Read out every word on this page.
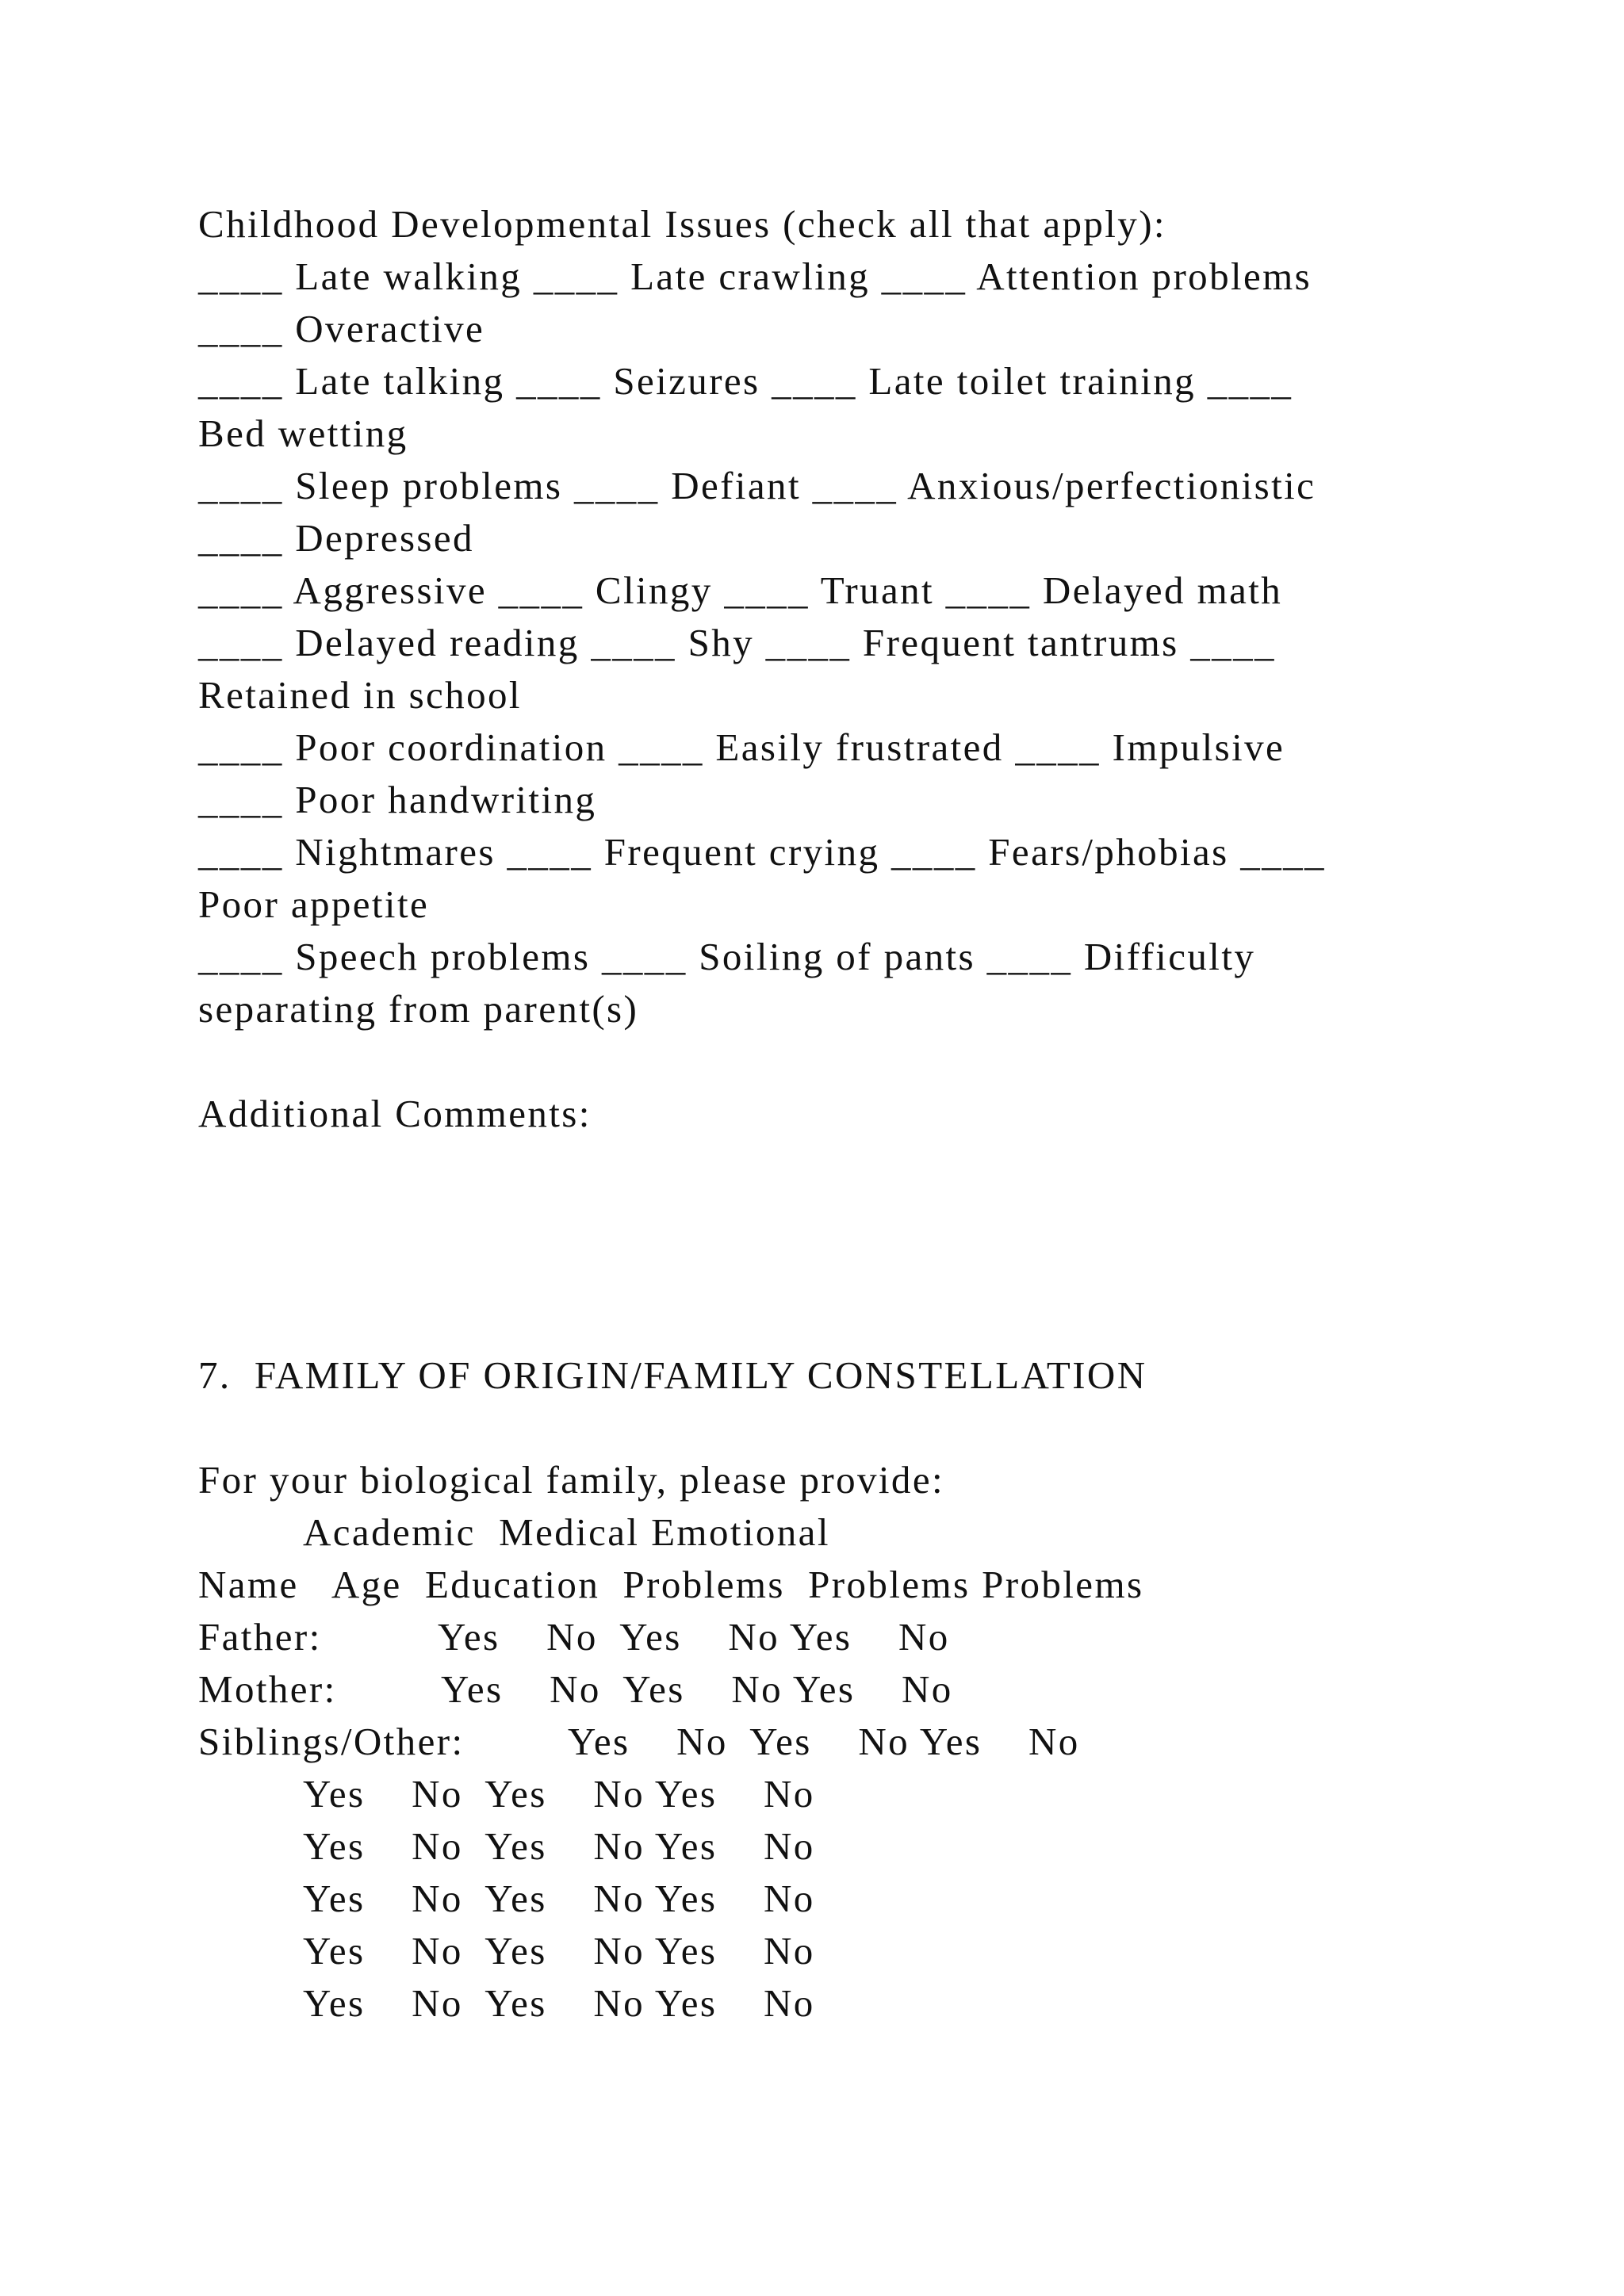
Childhood Developmental Issues (check all that apply):
____ Late walking ____ Late crawling ____ Attention problems
____ Overactive
____ Late talking ____ Seizures ____ Late toilet training ____
Bed wetting
____ Sleep problems ____ Defiant ____ Anxious/perfectionistic
____ Depressed
____ Aggressive ____ Clingy ____ Truant ____ Delayed math
____ Delayed reading ____ Shy ____ Frequent tantrums ____
Retained in school
____ Poor coordination ____ Easily frustrated ____ Impulsive
____ Poor handwriting
____ Nightmares ____ Frequent crying ____ Fears/phobias ____
Poor appetite
____ Speech problems ____ Soiling of pants ____ Difficulty
separating from parent(s)
Additional Comments:
7.  FAMILY OF ORIGIN/FAMILY CONSTELLATION
For your biological family, please provide:
Academic  Medical Emotional
Name   Age  Education  Problems  Problems Problems
Father:	Yes    No  Yes    No Yes    No
Mother:	Yes    No  Yes    No Yes    No
Siblings/Other:	Yes    No  Yes    No Yes    No
Yes    No  Yes    No Yes    No
Yes    No  Yes    No Yes    No
Yes    No  Yes    No Yes    No
Yes    No  Yes    No Yes    No
Yes    No  Yes    No Yes    No
